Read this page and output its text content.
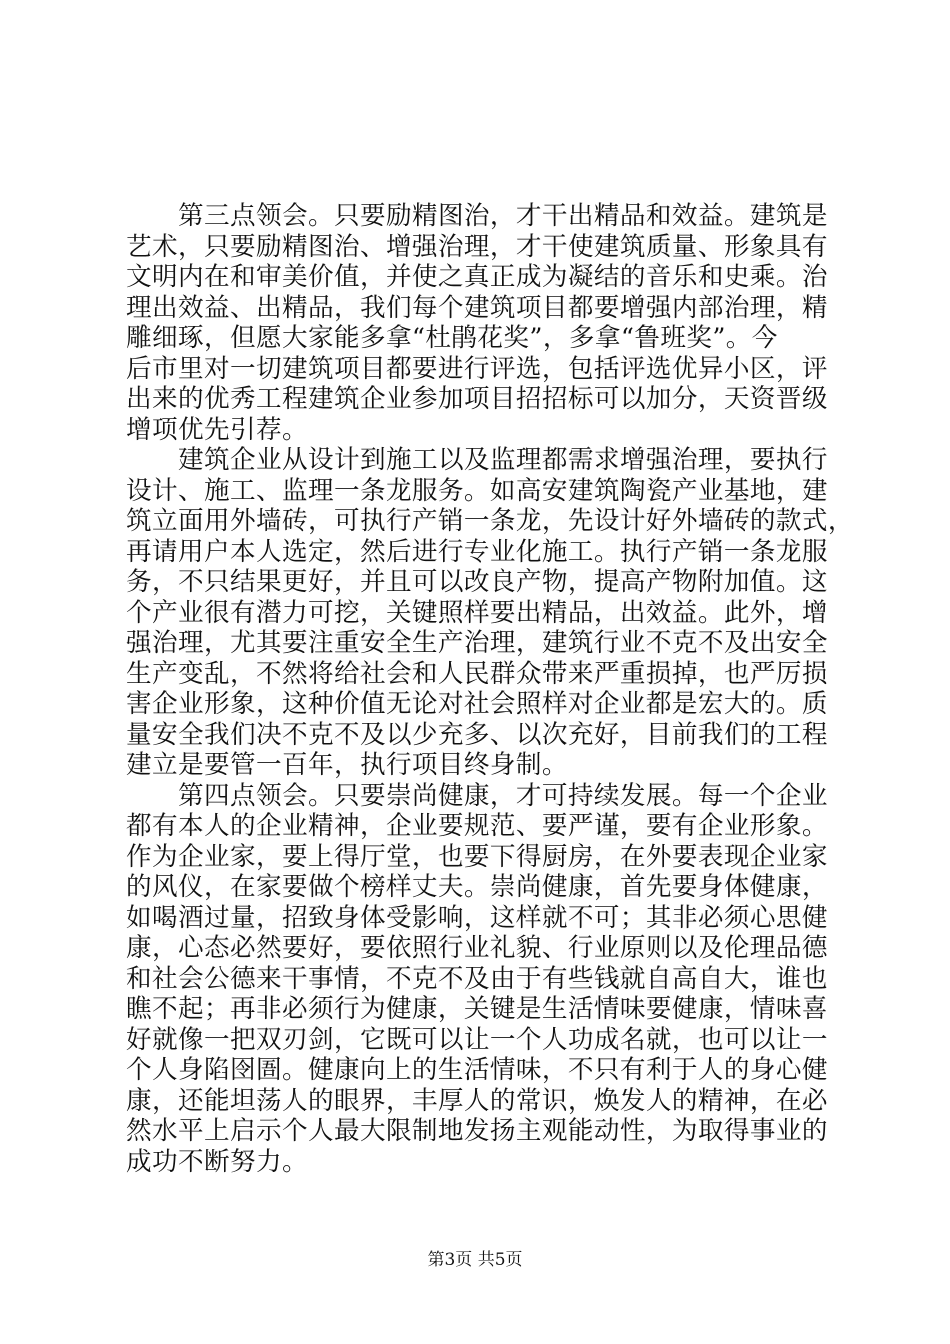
第三点领会。只要励精图治，才干出精品和效益。建筑是
艺术，只要励精图治、增强治理，才干使建筑质量、形象具有
文明内在和审美价值，并使之真正成为凝结的音乐和史乘。治
理出效益、出精品，我们每个建筑项目都要增强内部治理，精
雕细琢，但愿大家能多拿“杜鹃花奖”，多拿“鲁班奖”。今
后市里对一切建筑项目都要进行评选，包括评选优异小区，评
出来的优秀工程建筑企业参加项目招招标可以加分，天资晋级
增项优先引荐。
建筑企业从设计到施工以及监理都需求增强治理，要执行
设计、施工、监理一条龙服务。如高安建筑陶瓷产业基地，建
筑立面用外墙砖，可执行产销一条龙，先设计好外墙砖的款式，
再请用户本人选定，然后进行专业化施工。执行产销一条龙服
务，不只结果更好，并且可以改良产物，提高产物附加值。这
个产业很有潜力可挖，关键照样要出精品，出效益。此外，增
强治理，尤其要注重安全生产治理，建筑行业不克不及出安全
生产变乱，不然将给社会和人民群众带来严重损掉，也严厉损
害企业形象，这种价值无论对社会照样对企业都是宏大的。质
量安全我们决不克不及以少充多、以次充好，目前我们的工程
建立是要管一百年，执行项目终身制。
第四点领会。只要崇尚健康，才可持续发展。每一个企业
都有本人的企业精神，企业要规范、要严谨，要有企业形象。
作为企业家，要上得厅堂，也要下得厨房，在外要表现企业家
的风仪，在家要做个榜样丈夫。崇尚健康，首先要身体健康，
如喝酒过量，招致身体受影响，这样就不可；其非必须心思健
康，心态必然要好，要依照行业礼貌、行业原则以及伦理品德
和社会公德来干事情，不克不及由于有些钱就自高自大，谁也
瞧不起；再非必须行为健康，关键是生活情味要健康，情味喜
好就像一把双刃剑，它既可以让一个人功成名就，也可以让一
个人身陷囹圄。健康向上的生活情味，不只有利于人的身心健
康，还能坦荡人的眼界，丰厚人的常识，焕发人的精神，在必
然水平上启示个人最大限制地发扬主观能动性，为取得事业的
成功不断努力。
第3页 共5页
